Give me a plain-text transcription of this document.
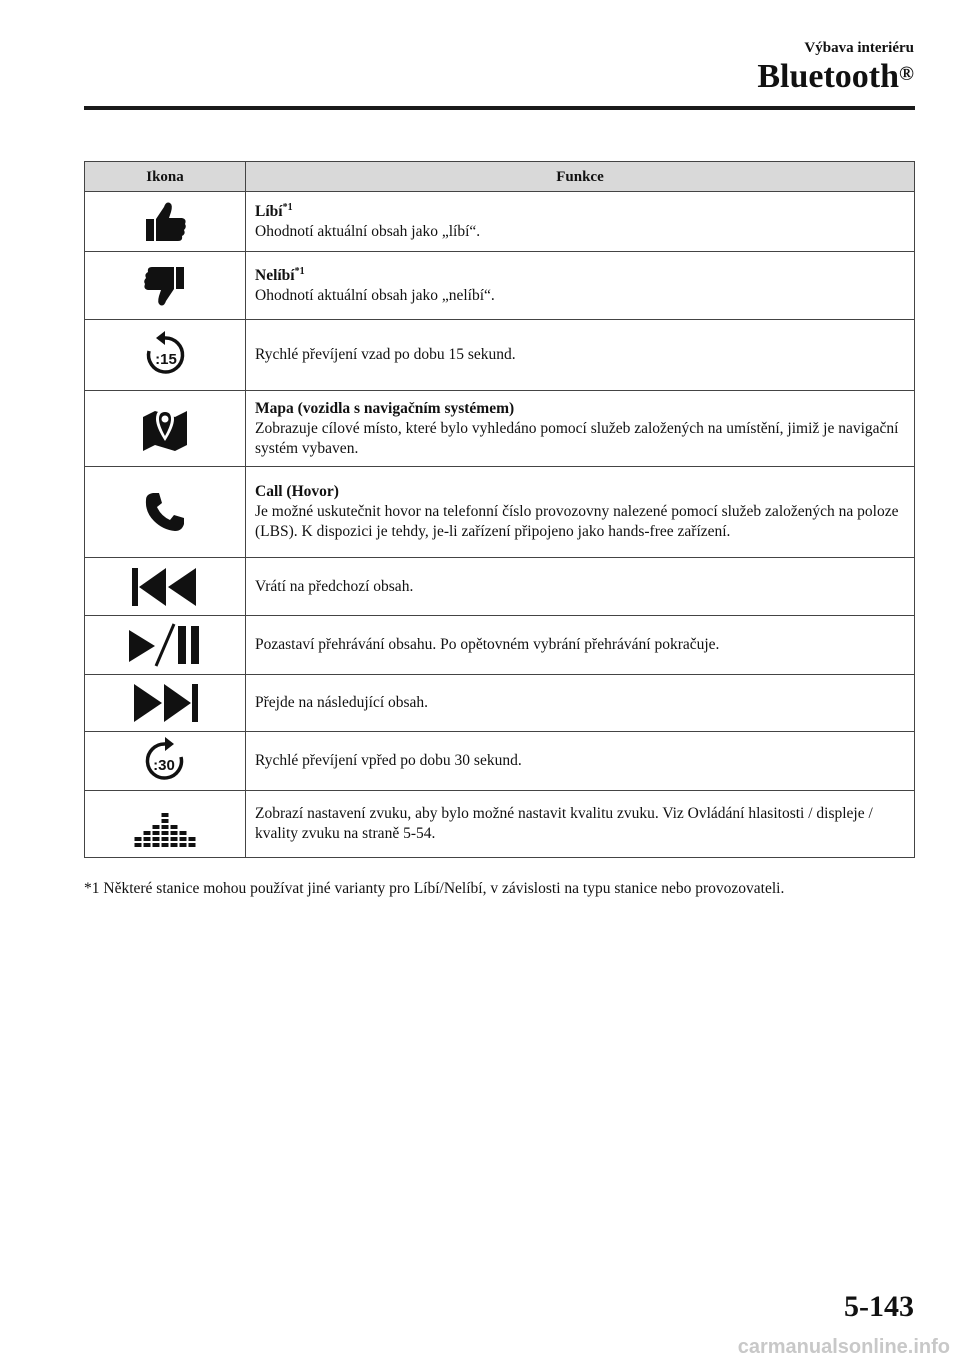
Výbava interiéru
Bluetooth®
Ikona	Funkce

Líbí$^{*1}$
Ohodnotí aktuální obsah jako „líbí“.

Nelíbí$^{*1}$
Ohodnotí aktuální obsah jako „nelíbí“.

:15	Rychlé převíjení vzad po dobu 15 sekund.

Mapa (vozidla s navigačním systémem)
Zobrazuje cílové místo, které bylo vyhledáno pomocí služeb založených na umístění, jimiž je navigační systém vybaven.

Call (Hovor)
Je možné uskutečnit hovor na telefonní číslo provozovny nalezené pomocí služeb založených na poloze (LBS). K dispozici je tehdy, je-li zařízení připojeno jako hands-free zařízení.

Vrátí na předchozí obsah.

Pozastaví přehrávání obsahu. Po opětovném vybrání přehrávání pokračuje.

Přejde na následující obsah.

:30	Rychlé převíjení vpřed po dobu 30 sekund.

Zobrazí nastavení zvuku, aby bylo možné nastavit kvalitu zvuku. Viz Ovládání hlasitosti / displeje / kvality zvuku na straně 5-54.
*1 Některé stanice mohou používat jiné varianty pro Líbí/Nelíbí, v závislosti na typu stanice nebo provozovateli.
5-143
carmanualsonline.info
